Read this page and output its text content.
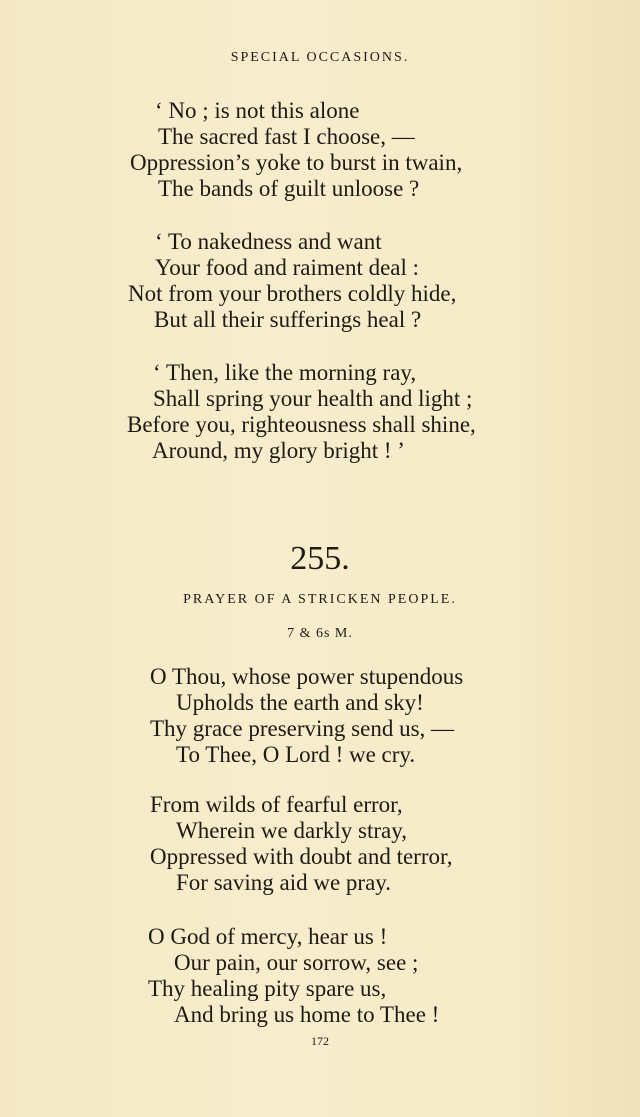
SPECIAL OCCASIONS.
‘ No ; is not this alone
The sacred fast I choose, —
Oppression’s yoke to burst in twain,
The bands of guilt unloose ?
‘ To nakedness and want
Your food and raiment deal :
Not from your brothers coldly hide,
But all their sufferings heal ?
‘ Then, like the morning ray,
Shall spring your health and light ;
Before you, righteousness shall shine,
Around, my glory bright ! ’
255.
PRAYER OF A STRICKEN PEOPLE.
7 & 6s M.
O Thou, whose power stupendous
Upholds the earth and sky!
Thy grace preserving send us, —
To Thee, O Lord ! we cry.
From wilds of fearful error,
Wherein we darkly stray,
Oppressed with doubt and terror,
For saving aid we pray.
O God of mercy, hear us !
Our pain, our sorrow, see ;
Thy healing pity spare us,
And bring us home to Thee !
172
